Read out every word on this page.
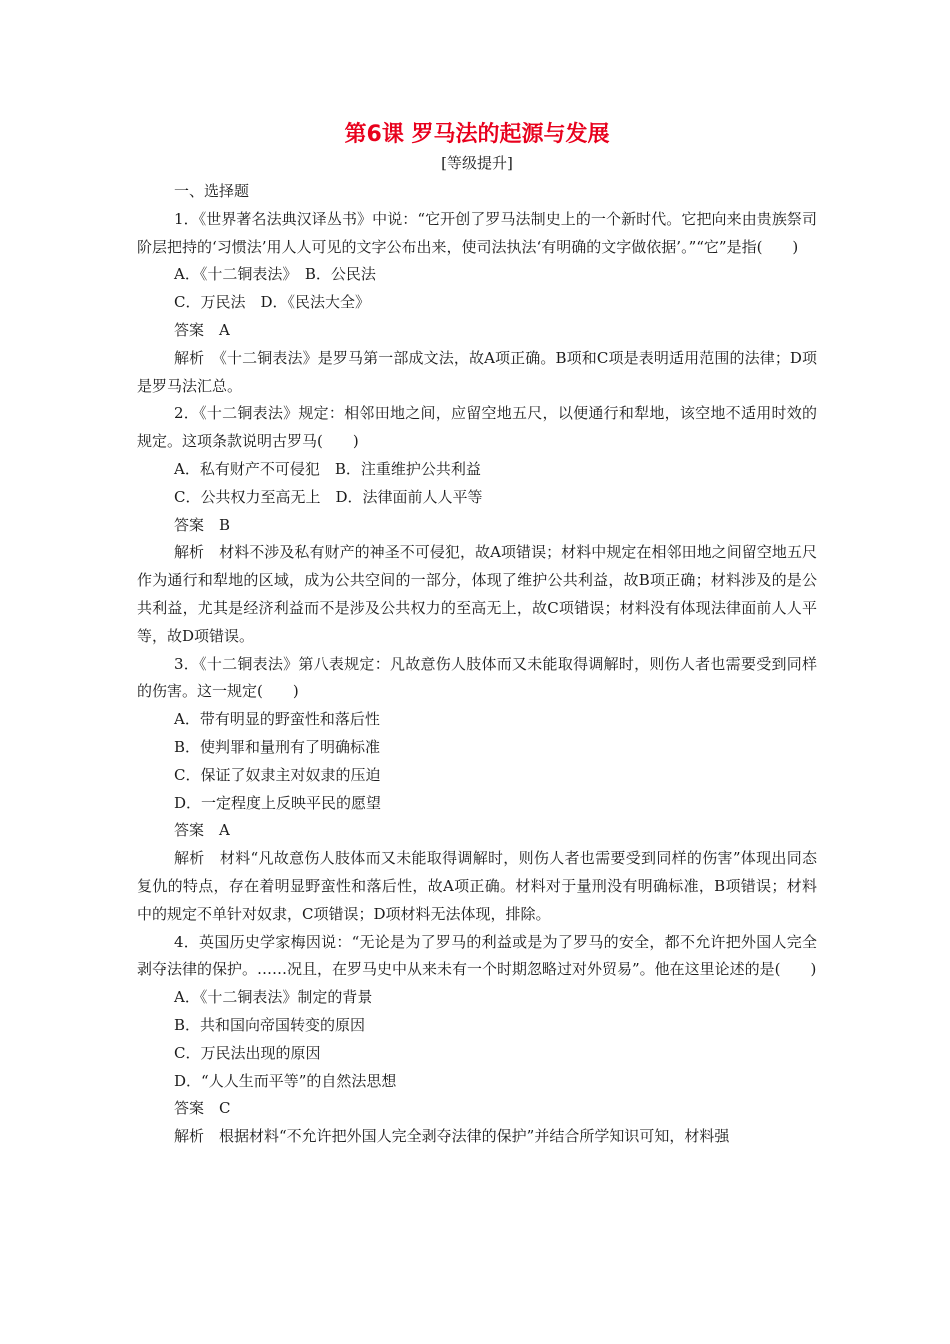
第6课 罗马法的起源与发展

[等级提升]

一、选择题

1．《世界著名法典汉译丛书》中说：“它开创了罗马法制史上的一个新时代。它把向来由贵族祭司阶层把持的‘习惯法’用人人可见的文字公布出来，使司法执法‘有明确的文字做依据’。”“它”是指(　　)

A．《十二铜表法》　B．公民法

C．万民法　D．《民法大全》

答案　A

解析　《十二铜表法》是罗马第一部成文法，故A项正确。B项和C项是表明适用范围的法律；D项是罗马法汇总。

2．《十二铜表法》规定：相邻田地之间，应留空地五尺，以便通行和犁地，该空地不适用时效的规定。这项条款说明古罗马(　　)

A．私有财产不可侵犯　B．注重维护公共利益

C．公共权力至高无上　D．法律面前人人平等

答案　B

解析　材料不涉及私有财产的神圣不可侵犯，故A项错误；材料中规定在相邻田地之间留空地五尺作为通行和犁地的区域，成为公共空间的一部分，体现了维护公共利益，故B项正确；材料涉及的是公共利益，尤其是经济利益而不是涉及公共权力的至高无上，故C项错误；材料没有体现法律面前人人平等，故D项错误。

3．《十二铜表法》第八表规定：凡故意伤人肢体而又未能取得调解时，则伤人者也需要受到同样的伤害。这一规定(　　)

A．带有明显的野蛮性和落后性

B．使判罪和量刑有了明确标准

C．保证了奴隶主对奴隶的压迫

D．一定程度上反映平民的愿望

答案　A

解析　材料“凡故意伤人肢体而又未能取得调解时，则伤人者也需要受到同样的伤害”体现出同态复仇的特点，存在着明显野蛮性和落后性，故A项正确。材料对于量刑没有明确标准，B项错误；材料中的规定不单针对奴隶，C项错误；D项材料无法体现，排除。

4．英国历史学家梅因说：“无论是为了罗马的利益或是为了罗马的安全，都不允许把外国人完全剥夺法律的保护。……况且，在罗马史中从来未有一个时期忽略过对外贸易”。他在这里论述的是(　　)

A．《十二铜表法》制定的背景

B．共和国向帝国转变的原因

C．万民法出现的原因

D．“人人生而平等”的自然法思想

答案　C

解析　根据材料“不允许把外国人完全剥夺法律的保护”并结合所学知识可知，材料强
